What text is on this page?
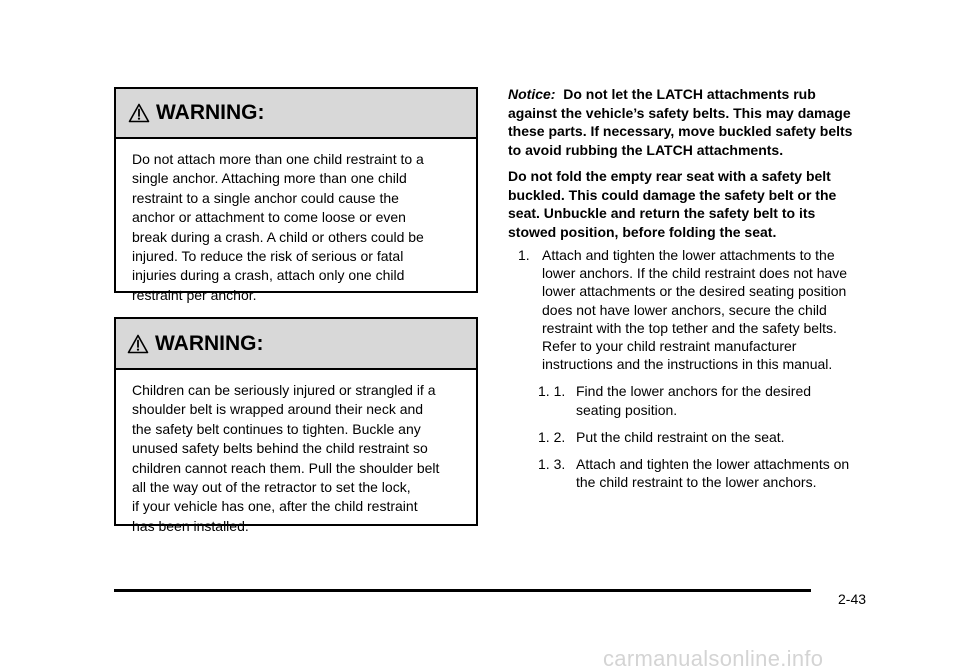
WARNING:
Do not attach more than one child restraint to a
single anchor. Attaching more than one child
restraint to a single anchor could cause the
anchor or attachment to come loose or even
break during a crash. A child or others could be
injured. To reduce the risk of serious or fatal
injuries during a crash, attach only one child
restraint per anchor.
WARNING:
Children can be seriously injured or strangled if a
shoulder belt is wrapped around their neck and
the safety belt continues to tighten. Buckle any
unused safety belts behind the child restraint so
children cannot reach them. Pull the shoulder belt
all the way out of the retractor to set the lock,
if your vehicle has one, after the child restraint
has been installed.

Notice: Do not let the LATCH attachments rub
against the vehicle’s safety belts. This may damage
these parts. If necessary, move buckled safety belts
to avoid rubbing the LATCH attachments.

Do not fold the empty rear seat with a safety belt
buckled. This could damage the safety belt or the
seat. Unbuckle and return the safety belt to its
stowed position, before folding the seat.

1. Attach and tighten the lower attachments to the
lower anchors. If the child restraint does not have
lower attachments or the desired seating position
does not have lower anchors, secure the child
restraint with the top tether and the safety belts.
Refer to your child restraint manufacturer
instructions and the instructions in this manual.
1. 1. Find the lower anchors for the desired
seating position.
1. 2. Put the child restraint on the seat.
1. 3. Attach and tighten the lower attachments on
the child restraint to the lower anchors.
2-43
carmanualsonline.info
